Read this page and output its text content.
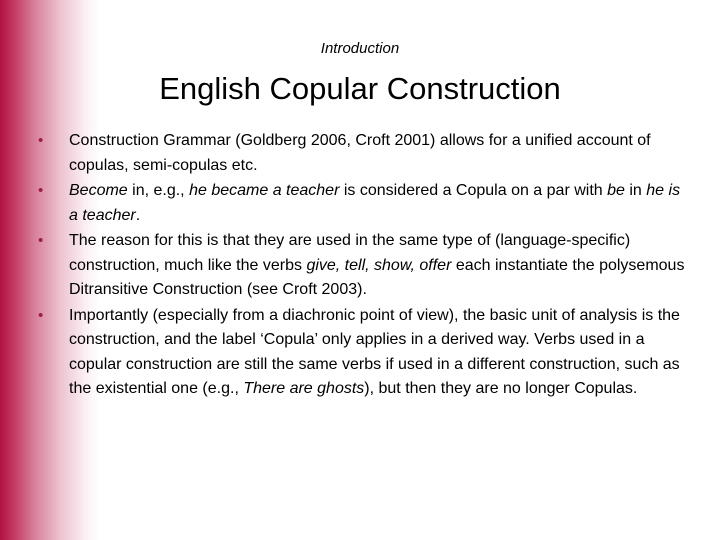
Introduction
English Copular Construction
•	Construction Grammar (Goldberg 2006, Croft 2001) allows for a unified account of copulas, semi-copulas etc.
•	Become in, e.g., he became a teacher is considered a Copula on a par with be in he is a teacher.
•	The reason for this is that they are used in the same type of (language-specific) construction, much like the verbs give, tell, show, offer each instantiate the polysemous Ditransitive Construction (see Croft 2003).
•	Importantly (especially from a diachronic point of view), the basic unit of analysis is the construction, and the label ‘Copula’ only applies in a derived way. Verbs used in a copular construction are still the same verbs if used in a different construction, such as the existential one (e.g., There are ghosts), but then they are no longer Copulas.
